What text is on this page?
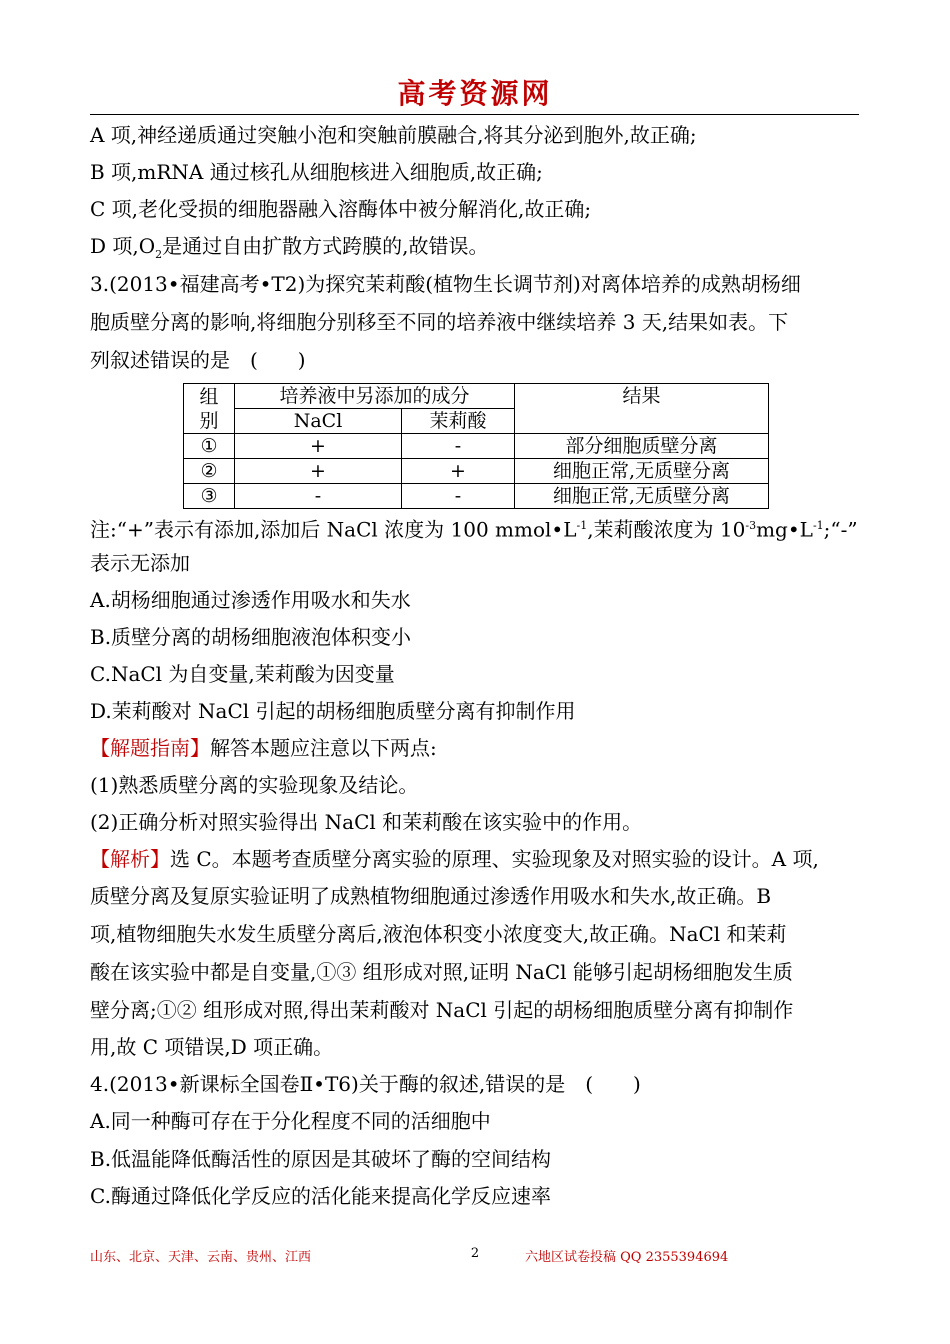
高考资源网
A 项,神经递质通过突触小泡和突触前膜融合,将其分泌到胞外,故正确;
B 项,mRNA 通过核孔从细胞核进入细胞质,故正确;
C 项,老化受损的细胞器融入溶酶体中被分解消化,故正确;
D 项$,O_2$是通过自由扩散方式跨膜的,故错误。
3.(2013•福建高考•T2)为探究茉莉酸(植物生长调节剂)对离体培养的成熟胡杨细
胞质壁分离的影响,将细胞分别移至不同的培养液中继续培养 3 天,结果如表。下
列叙述错误的是　(　　)
组
别	培养液中另添加的成分		结果
	NaCl	茉莉酸	
①	+	-	部分细胞质壁分离
②	+	+	细胞正常,无质壁分离
③	-	-	细胞正常,无质壁分离
注:“+”表示有添加,添加后 NaCl 浓度为 100 $mmol•L^{-1}$,茉莉酸浓度为 $10^{-3}mg•L^{-1};“-$”
表示无添加
A.胡杨细胞通过渗透作用吸水和失水
B.质壁分离的胡杨细胞液泡体积变小
C.NaCl 为自变量,茉莉酸为因变量
D.茉莉酸对 NaCl 引起的胡杨细胞质壁分离有抑制作用
【解题指南】解答本题应注意以下两点:
(1)熟悉质壁分离的实验现象及结论。
(2)正确分析对照实验得出 NaCl 和茉莉酸在该实验中的作用。
【解析】选 C。本题考查质壁分离实验的原理、实验现象及对照实验的设计。A 项,
质壁分离及复原实验证明了成熟植物细胞通过渗透作用吸水和失水,故正确。B
项,植物细胞失水发生质壁分离后,液泡体积变小浓度变大,故正确。NaCl 和茉莉
酸在该实验中都是自变量,①③ 组形成对照,证明 NaCl 能够引起胡杨细胞发生质
壁分离;①② 组形成对照,得出茉莉酸对 NaCl 引起的胡杨细胞质壁分离有抑制作
用,故 C 项错误,D 项正确。
4.(2013•新课标全国卷Ⅱ•T6)关于酶的叙述,错误的是　(　　)
A.同一种酶可存在于分化程度不同的活细胞中
B.低温能降低酶活性的原因是其破坏了酶的空间结构
C.酶通过降低化学反应的活化能来提高化学反应速率
山东、北京、天津、云南、贵州、江西	2	六地区试卷投稿 QQ 2355394694
